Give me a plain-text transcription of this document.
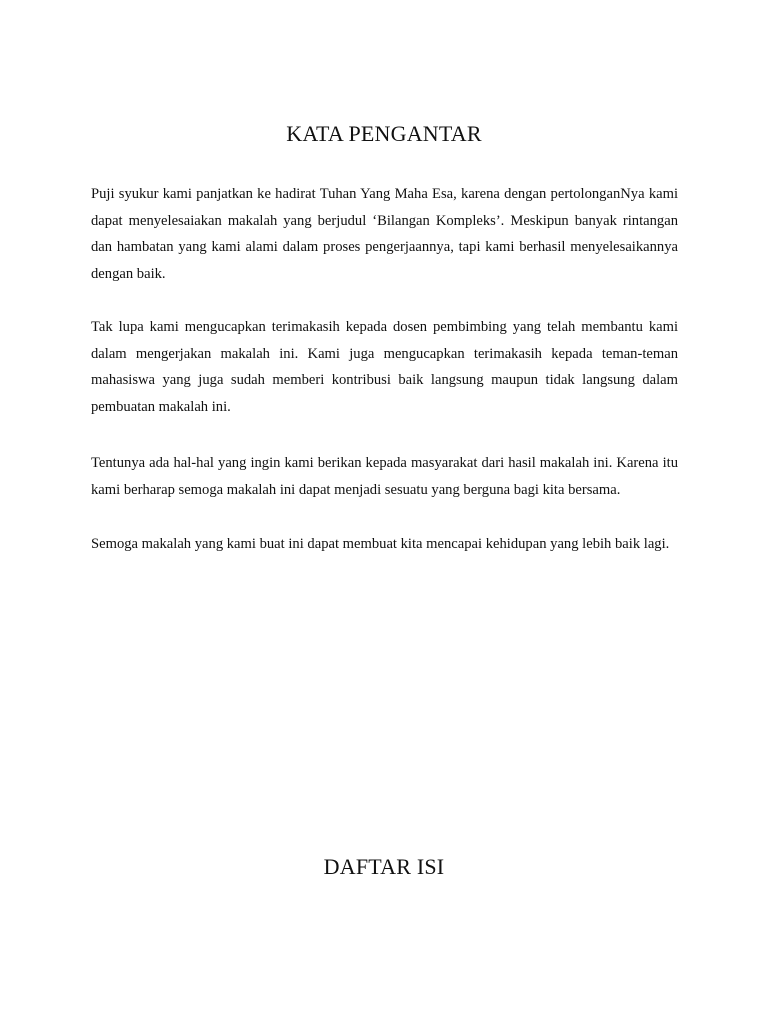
KATA PENGANTAR

Puji syukur kami panjatkan ke hadirat Tuhan Yang Maha Esa, karena dengan pertolonganNya kami dapat menyelesaiakan makalah yang berjudul ‘Bilangan Kompleks’. Meskipun banyak rintangan dan hambatan yang kami alami dalam proses pengerjaannya, tapi kami berhasil menyelesaikannya dengan baik.

Tak lupa kami mengucapkan terimakasih kepada dosen pembimbing yang telah membantu kami dalam mengerjakan makalah ini. Kami juga mengucapkan terimakasih kepada teman-teman mahasiswa yang juga sudah memberi kontribusi baik langsung maupun tidak langsung dalam pembuatan makalah ini.

Tentunya ada hal-hal yang ingin kami berikan kepada masyarakat dari hasil makalah ini. Karena itu kami berharap semoga makalah ini dapat menjadi sesuatu yang berguna bagi kita bersama.

Semoga makalah yang kami buat ini dapat membuat kita mencapai kehidupan yang lebih baik lagi.

DAFTAR ISI
